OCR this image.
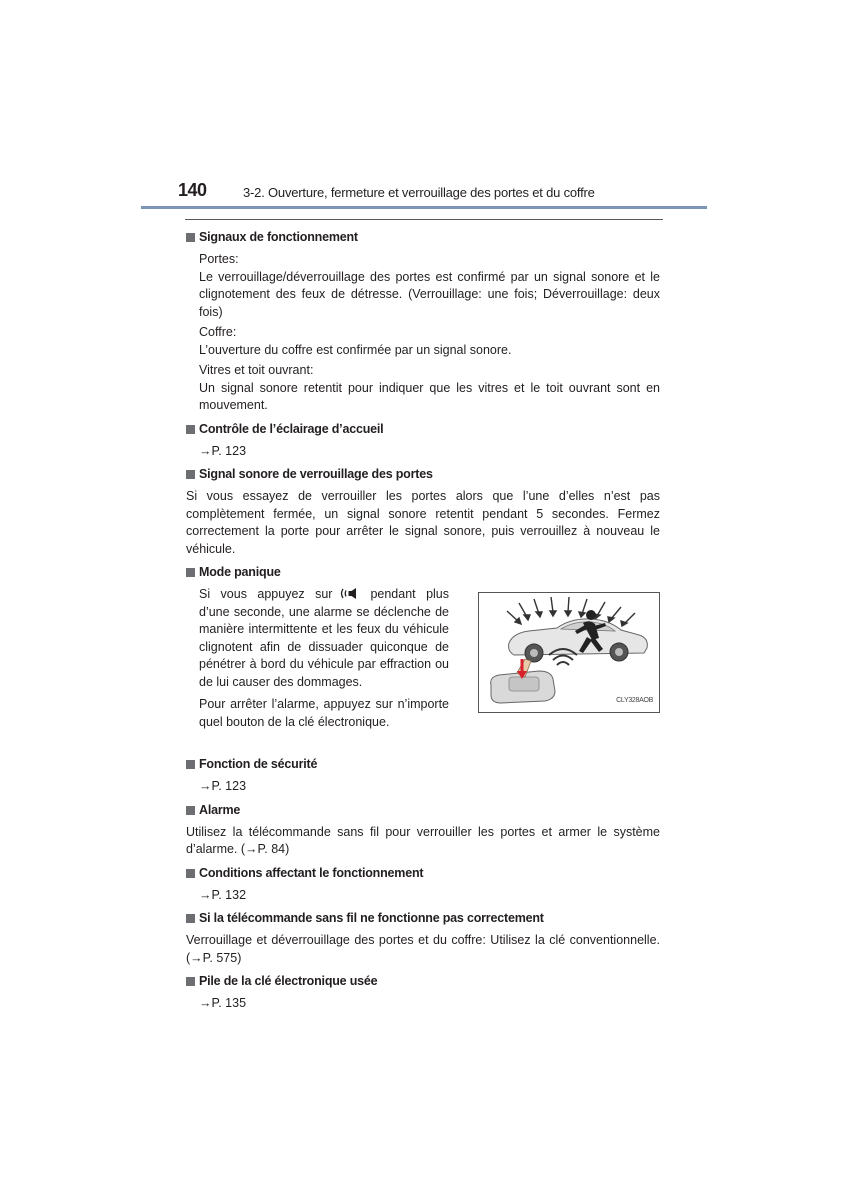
140	3-2. Ouverture, fermeture et verrouillage des portes et du coffre
Signaux de fonctionnement
Portes:
Le verrouillage/déverrouillage des portes est confirmé par un signal sonore et le clignotement des feux de détresse. (Verrouillage: une fois; Déverrouillage: deux fois)
Coffre:
L’ouverture du coffre est confirmée par un signal sonore.
Vitres et toit ouvrant:
Un signal sonore retentit pour indiquer que les vitres et le toit ouvrant sont en mouvement.
Contrôle de l’éclairage d’accueil
→P. 123
Signal sonore de verrouillage des portes
Si vous essayez de verrouiller les portes alors que l’une d’elles n’est pas complètement fermée, un signal sonore retentit pendant 5 secondes. Fermez correctement la porte pour arrêter le signal sonore, puis verrouillez à nouveau le véhicule.
Mode panique
Si vous appuyez sur	pendant plus d’une seconde, une alarme se déclenche de manière intermittente et les feux du véhicule clignotent afin de dissuader quiconque de pénétrer à bord du véhicule par effraction ou de lui causer des dommages.
Pour arrêter l’alarme, appuyez sur n’importe quel bouton de la clé électronique.
CLY328AOB
Fonction de sécurité
→P. 123
Alarme
Utilisez la télécommande sans fil pour verrouiller les portes et armer le système d’alarme. (→P. 84)
Conditions affectant le fonctionnement
→P. 132
Si la télécommande sans fil ne fonctionne pas correctement
Verrouillage et déverrouillage des portes et du coffre: Utilisez la clé conventionnelle. (→P. 575)
Pile de la clé électronique usée
→P. 135
